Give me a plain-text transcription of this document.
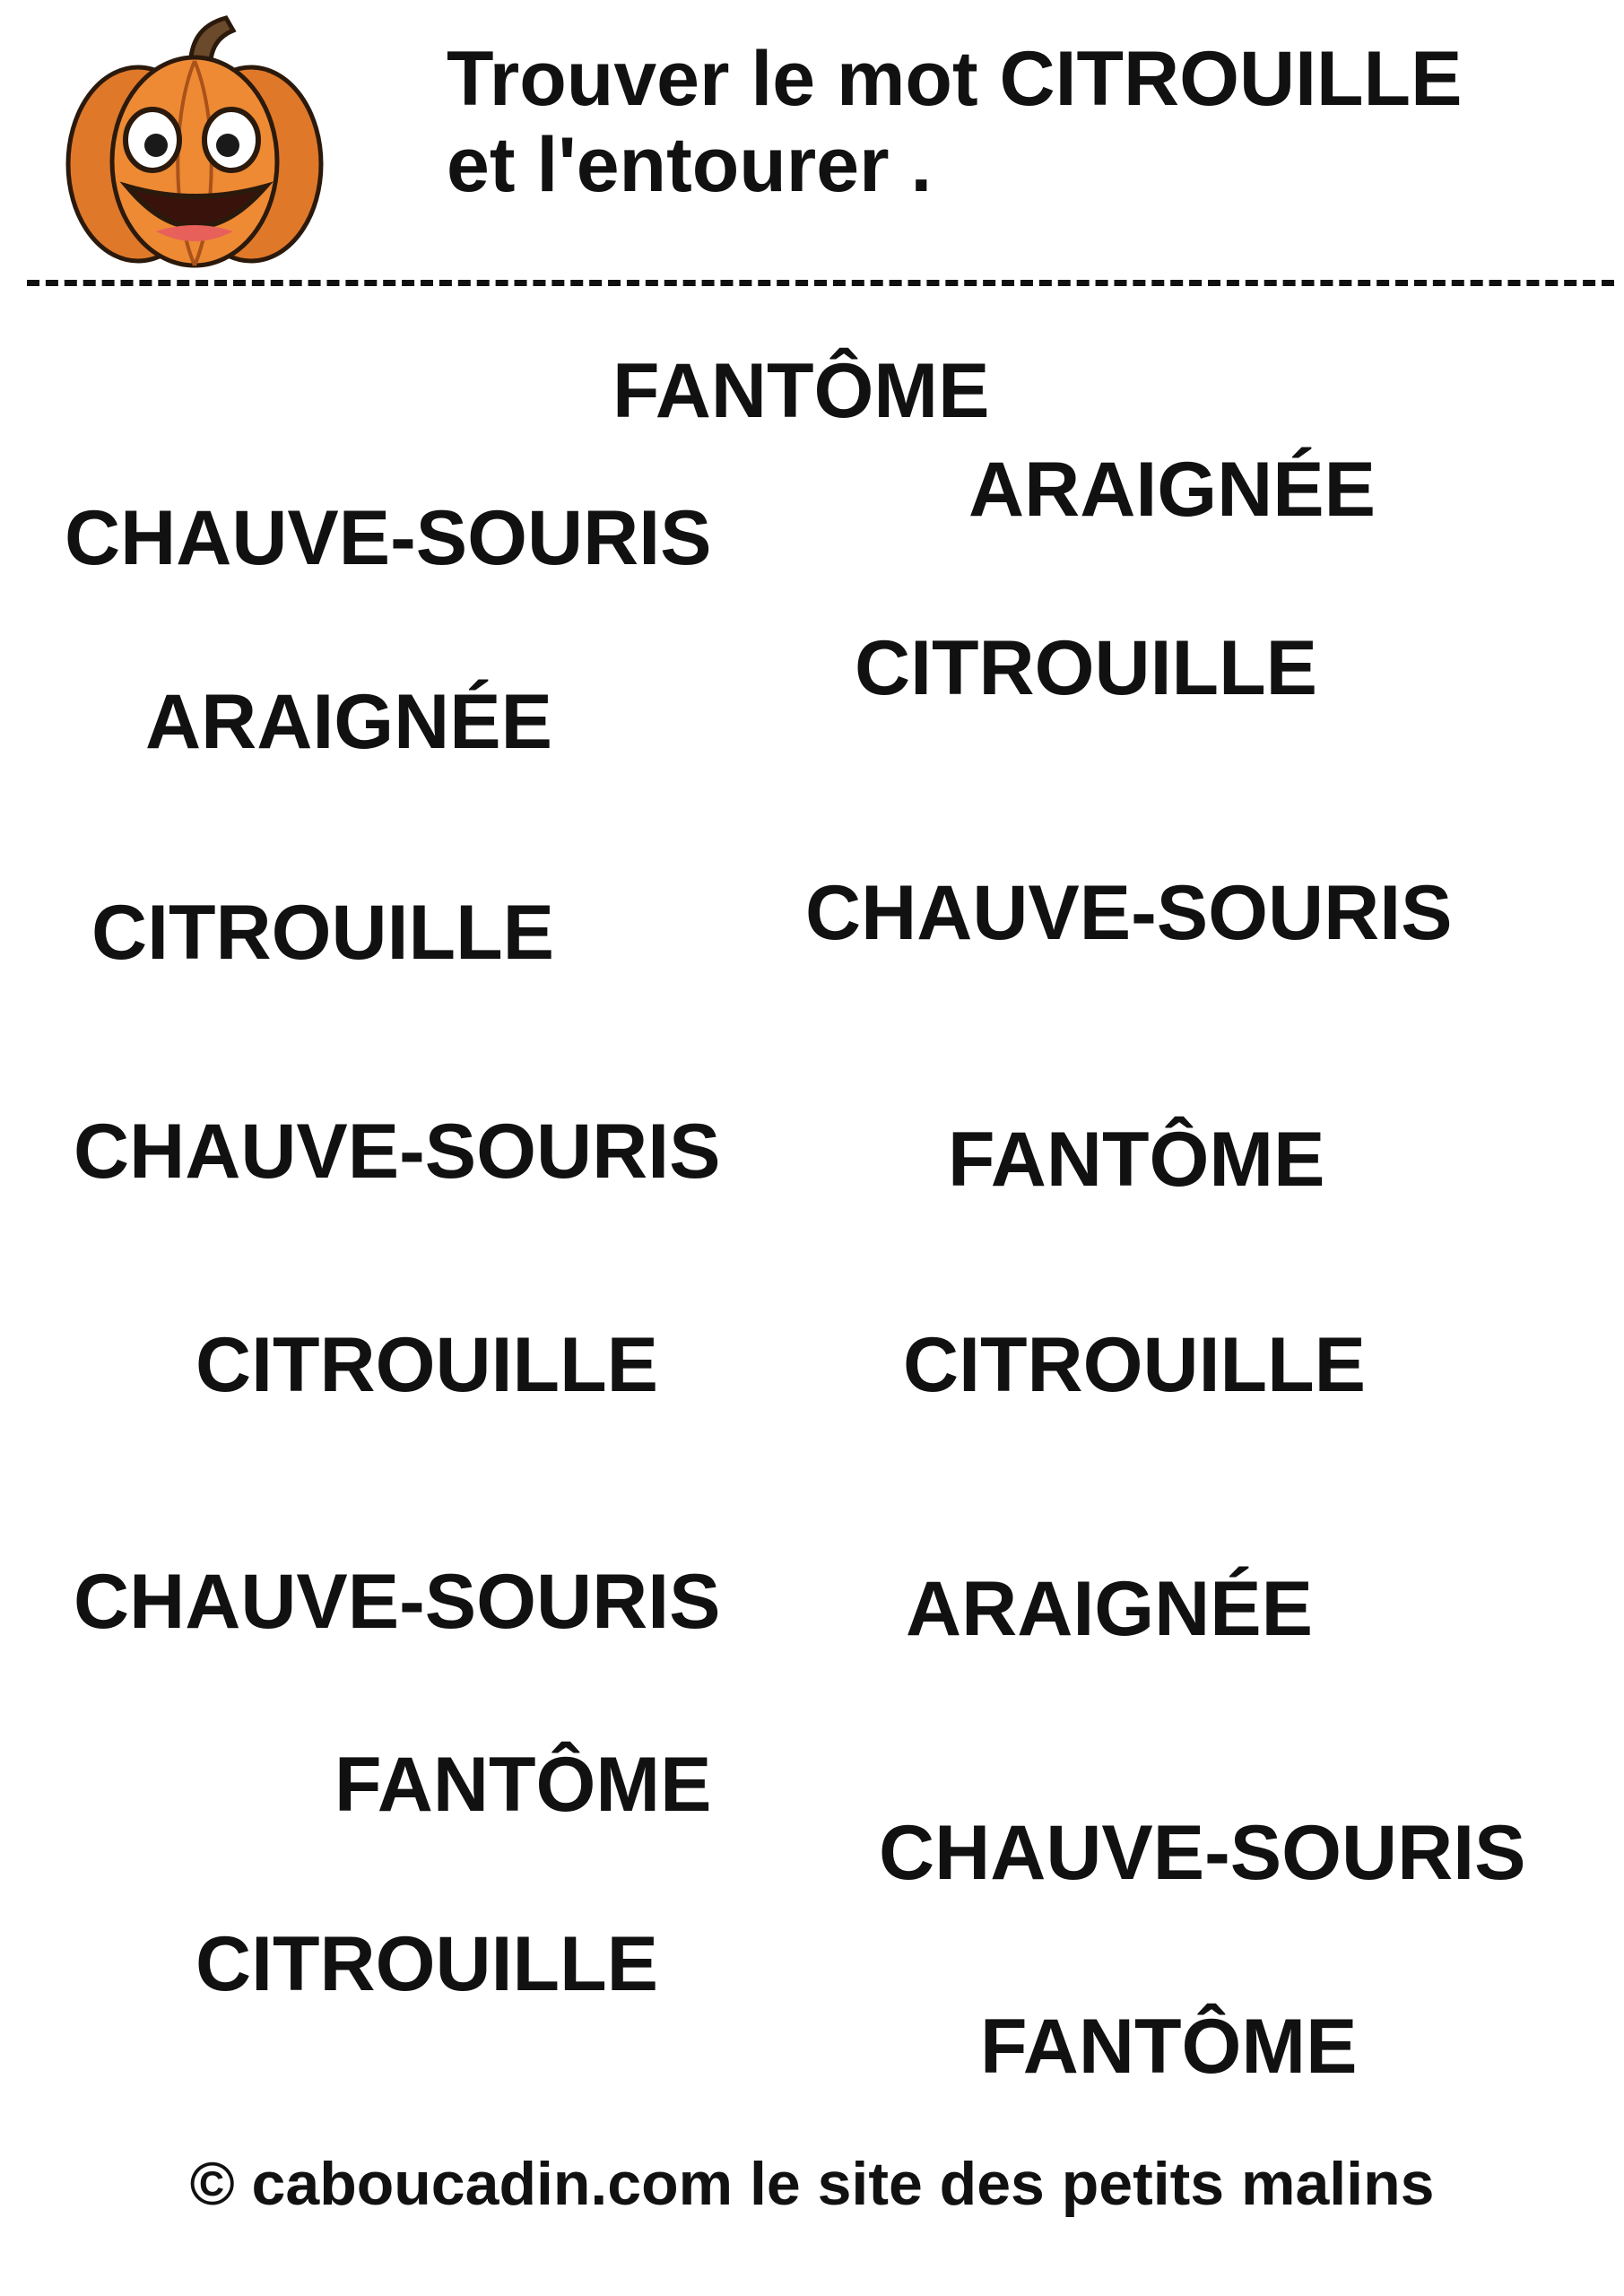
Trouver le mot CITROUILLE
et l'entourer .

FANTÔME

ARAIGNÉE

CHAUVE-SOURIS

CITROUILLE

ARAIGNÉE

CHAUVE-SOURIS

CITROUILLE

CHAUVE-SOURIS	FANTÔME

CITROUILLE	CITROUILLE

CHAUVE-SOURIS ARAIGNÉE

FANTÔME

CHAUVE-SOURIS

CITROUILLE

FANTÔME

© caboucadin.com le site des petits malins
